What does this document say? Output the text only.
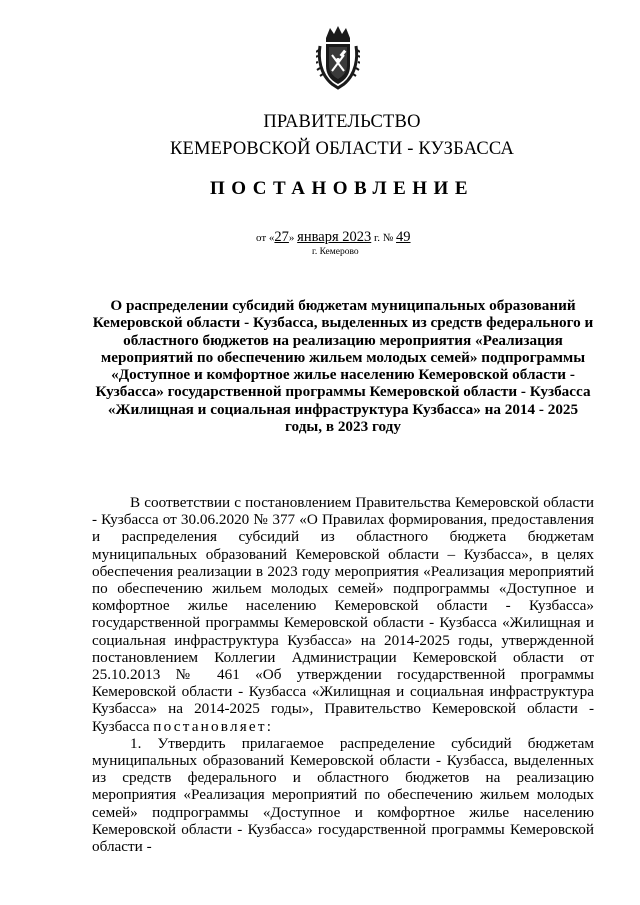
ПРАВИТЕЛЬСТВО
КЕМЕРОВСКОЙ ОБЛАСТИ - КУЗБАССА
ПОСТАНОВЛЕНИЕ
от «27» января 2023 г. № 49
г. Кемерово
О распределении субсидий бюджетам муниципальных образований Кемеровской области - Кузбасса, выделенных из средств федерального и областного бюджетов на реализацию мероприятия «Реализация мероприятий по обеспечению жильем молодых семей» подпрограммы «Доступное и комфортное жилье населению Кемеровской области - Кузбасса» государственной программы Кемеровской области - Кузбасса «Жилищная и социальная инфраструктура Кузбасса» на 2014 - 2025 годы, в 2023 году

В соответствии с постановлением Правительства Кемеровской области - Кузбасса от 30.06.2020 № 377 «О Правилах формирования, предоставления и распределения субсидий из областного бюджета бюджетам муниципальных образований Кемеровской области – Кузбасса», в целях обеспечения реализации в 2023 году мероприятия «Реализация мероприятий по обеспечению жильем молодых семей» подпрограммы «Доступное и комфортное жилье населению Кемеровской области - Кузбасса» государственной программы Кемеровской области - Кузбасса «Жилищная и социальная инфраструктура Кузбасса» на 2014-2025 годы, утвержденной постановлением Коллегии Администрации Кемеровской области от 25.10.2013 № 461 «Об утверждении государственной программы Кемеровской области - Кузбасса «Жилищная и социальная инфраструктура Кузбасса» на 2014-2025 годы», Правительство Кемеровской области - Кузбасса постановляет:

1. Утвердить прилагаемое распределение субсидий бюджетам муниципальных образований Кемеровской области - Кузбасса, выделенных из средств федерального и областного бюджетов на реализацию мероприятия «Реализация мероприятий по обеспечению жильем молодых семей» подпрограммы «Доступное и комфортное жилье населению Кемеровской области - Кузбасса» государственной программы Кемеровской области -
